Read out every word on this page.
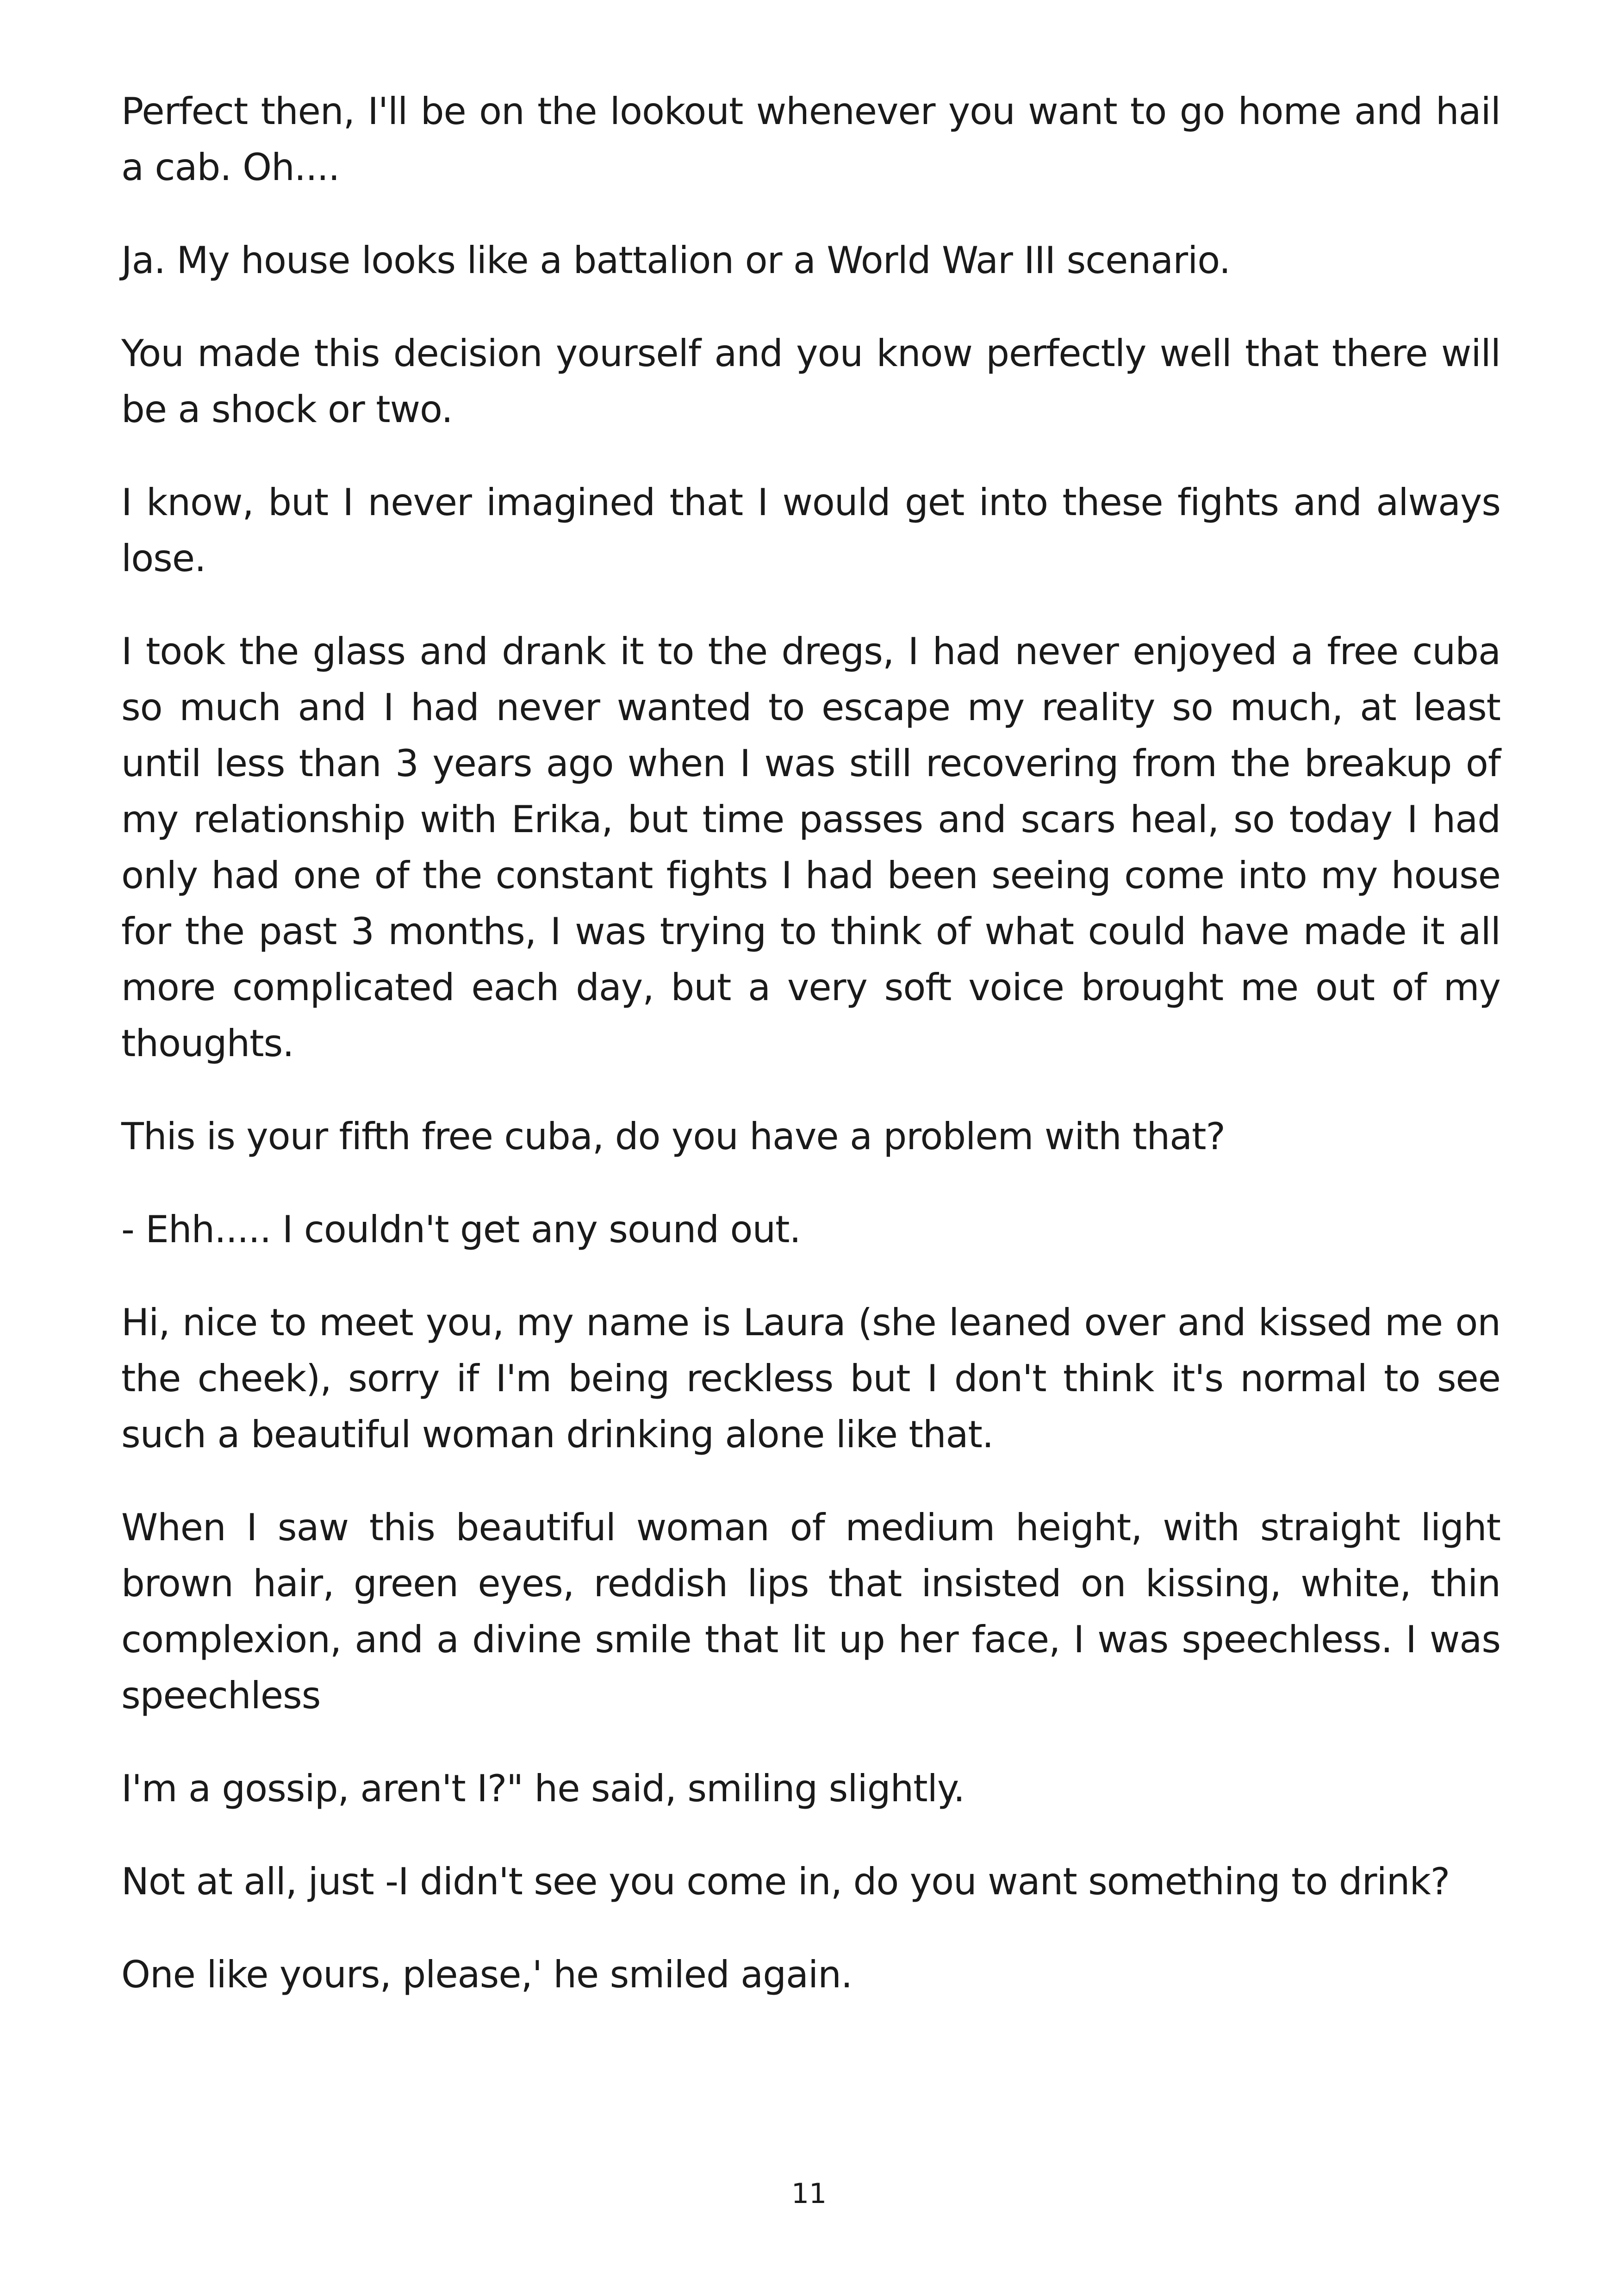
Perfect then, I'll be on the lookout whenever you want to go home and hail a cab. Oh....

Ja. My house looks like a battalion or a World War III scenario.

You made this decision yourself and you know perfectly well that there will be a shock or two.

I know, but I never imagined that I would get into these fights and always lose.

I took the glass and drank it to the dregs, I had never enjoyed a free cuba so much and I had never wanted to escape my reality so much, at least until less than 3 years ago when I was still recovering from the breakup of my relationship with Erika, but time passes and scars heal, so today I had only had one of the constant fights I had been seeing come into my house for the past 3 months, I was trying to think of what could have made it all more complicated each day, but a very soft voice brought me out of my thoughts.

This is your fifth free cuba, do you have a problem with that?

- Ehh..... I couldn't get any sound out.

Hi, nice to meet you, my name is Laura (she leaned over and kissed me on the cheek), sorry if I'm being reckless but I don't think it's normal to see such a beautiful woman drinking alone like that.

When I saw this beautiful woman of medium height, with straight light brown hair, green eyes, reddish lips that insisted on kissing, white, thin complexion, and a divine smile that lit up her face, I was speechless. I was speechless

I'm a gossip, aren't I?" he said, smiling slightly.

Not at all, just -I didn't see you come in, do you want something to drink?

One like yours, please,' he smiled again.

11
